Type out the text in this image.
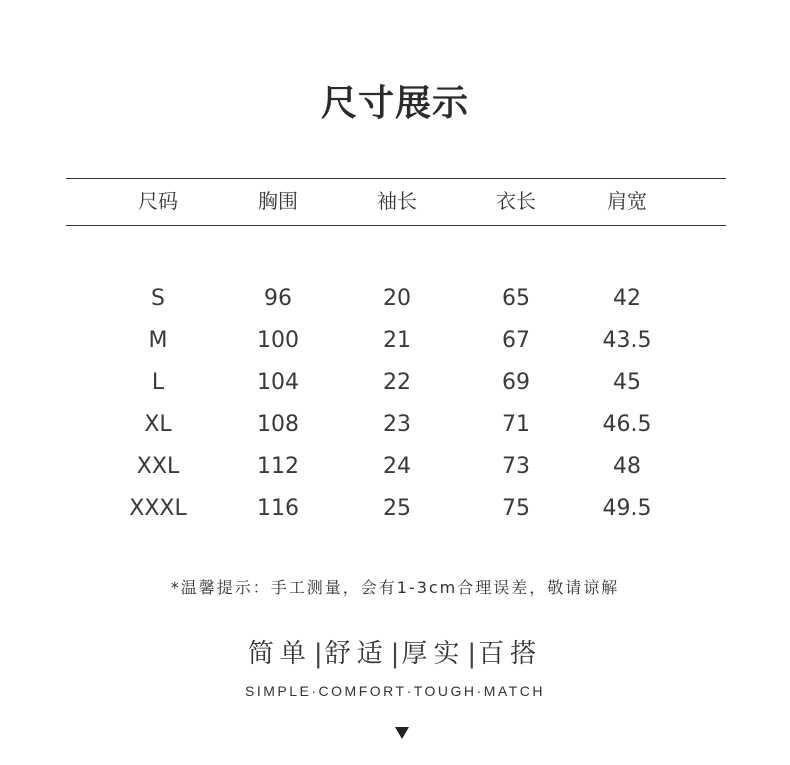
尺寸展示
尺码	胸围	袖长	衣长	肩宽
S	96	20	65	42
M	100	21	67	43.5
L	104	22	69	45
XL	108	23	71	46.5
XXL	112	24	73	48
XXXL	116	25	75	49.5
*温馨提示：手工测量，会有1-3cm合理误差，敬请谅解
简单|舒适|厚实|百搭
SIMPLE·COMFORT·TOUGH·MATCH
